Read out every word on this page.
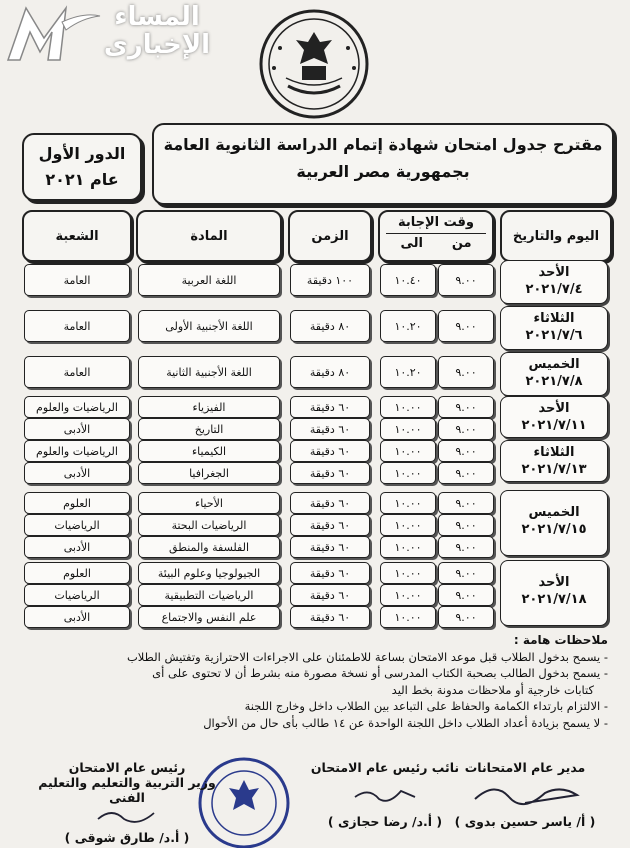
المساء
الإخبارى
الدور الأول
عام ٢٠٢١
مقترح جدول امتحان شهادة إتمام الدراسة الثانوية العامة
بجمهورية مصر العربية
اليوم والتاريخ
وقت الإجابة
من
الى
الزمن
المادة
الشعبة
الأحد
٢٠٢١/٧/٤
الثلاثاء
٢٠٢١/٧/٦
الخميس
٢٠٢١/٧/٨
الأحد
٢٠٢١/٧/١١
الثلاثاء
٢٠٢١/٧/١٣
الخميس
٢٠٢١/٧/١٥
الأحد
٢٠٢١/٧/١٨
٩.٠٠
١٠.٤٠
١٠٠ دقيقة
اللغة العربية
العامة
٩.٠٠
١٠.٢٠
٨٠ دقيقة
اللغة الأجنبية الأولى
العامة
٩.٠٠
١٠.٢٠
٨٠ دقيقة
اللغة الأجنبية الثانية
العامة
٩.٠٠
١٠.٠٠
٦٠ دقيقة
الفيزياء
الرياضيات والعلوم
٩.٠٠
١٠.٠٠
٦٠ دقيقة
التاريخ
الأدبى
٩.٠٠
١٠.٠٠
٦٠ دقيقة
الكيمياء
الرياضيات والعلوم
٩.٠٠
١٠.٠٠
٦٠ دقيقة
الجغرافيا
الأدبى
٩.٠٠
١٠.٠٠
٦٠ دقيقة
الأحياء
العلوم
٩.٠٠
١٠.٠٠
٦٠ دقيقة
الرياضيات البحتة
الرياضيات
٩.٠٠
١٠.٠٠
٦٠ دقيقة
الفلسفة والمنطق
الأدبى
٩.٠٠
١٠.٠٠
٦٠ دقيقة
الجيولوجيا وعلوم البيئة
العلوم
٩.٠٠
١٠.٠٠
٦٠ دقيقة
الرياضيات التطبيقية
الرياضيات
٩.٠٠
١٠.٠٠
٦٠ دقيقة
علم النفس والاجتماع
الأدبى
ملاحظات هامة :
- يسمح بدخول الطلاب قبل موعد الامتحان بساعة للاطمئنان على الاجراءات الاحترازية وتفتيش الطلاب
- يسمح بدخول الطالب بصحبة الكتاب المدرسى أو نسخة مصورة منه بشرط أن لا تحتوى على أى
كتابات خارجية أو ملاحظات مدونة بخط اليد
- الالتزام بارتداء الكمامة والحفاظ على التباعد بين الطلاب داخل وخارج اللجنة
- لا يسمح بزيادة أعداد الطلاب داخل اللجنة الواحدة عن ١٤ طالب بأى حال من الأحوال
مدير عام الامتحانات
( أ/ ياسر حسين بدوى )
نائب رئيس عام الامتحان
( أ.د/ رضا حجازى )
رئيس عام الامتحان
وزير التربية والتعليم والتعليم الفنى
( أ.د/ طارق شوقى )
